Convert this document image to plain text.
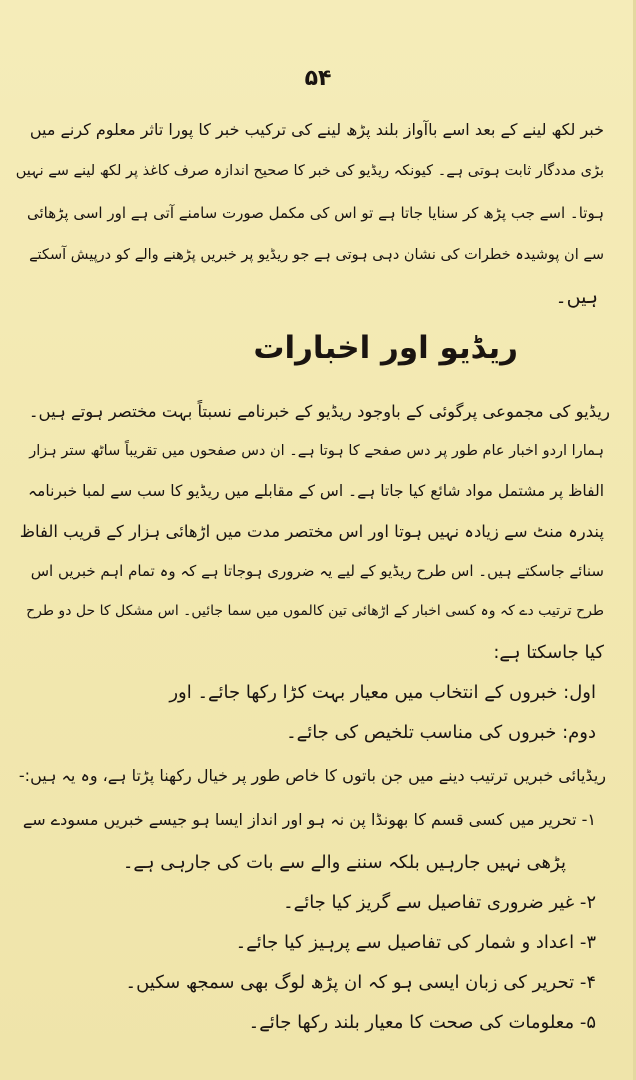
۵۴
خبر لکھ لینے کے بعد اسے باآواز بلند پڑھ لینے کی ترکیب خبر کا پورا تاثر معلوم کرنے میں
بڑی مددگار ثابت ہوتی ہے۔ کیونکہ ریڈیو کی خبر کا صحیح اندازہ صرف کاغذ پر لکھ لینے سے نہیں
ہوتا۔ اسے جب پڑھ کر سنایا جاتا ہے تو اس کی مکمل صورت سامنے آتی ہے اور اسی پڑھائی
سے ان پوشیدہ خطرات کی نشان دہی ہوتی ہے جو ریڈیو پر خبریں پڑھنے والے کو درپیش آسکتے
ہیں۔
ریڈیو اور اخبارات
ریڈیو کی مجموعی پرگوئی کے باوجود ریڈیو کے خبرنامے نسبتاً بہت مختصر ہوتے ہیں۔
ہمارا اردو اخبار عام طور پر دس صفحے کا ہوتا ہے۔ ان دس صفحوں میں تقریباً ساٹھ ستر ہزار
الفاظ پر مشتمل مواد شائع کیا جاتا ہے۔ اس کے مقابلے میں ریڈیو کا سب سے لمبا خبرنامہ
پندرہ منٹ سے زیادہ نہیں ہوتا اور اس مختصر مدت میں اڑھائی ہزار کے قریب الفاظ
سنائے جاسکتے ہیں۔ اس طرح ریڈیو کے لیے یہ ضروری ہوجاتا ہے کہ وہ تمام اہم خبریں اس
طرح ترتیب دے کہ وہ کسی اخبار کے اڑھائی تین کالموں میں سما جائیں۔ اس مشکل کا حل دو طرح
کیا جاسکتا ہے:
اول: خبروں کے انتخاب میں معیار بہت کڑا رکھا جائے۔ اور
دوم: خبروں کی مناسب تلخیص کی جائے۔
ریڈیائی خبریں ترتیب دینے میں جن باتوں کا خاص طور پر خیال رکھنا پڑتا ہے، وہ یہ ہیں:-
۱- تحریر میں کسی قسم کا بھونڈا پن نہ ہو اور انداز ایسا ہو جیسے خبریں مسودے سے
پڑھی نہیں جارہیں بلکہ سننے والے سے بات کی جارہی ہے۔
۲- غیر ضروری تفاصیل سے گریز کیا جائے۔
۳- اعداد و شمار کی تفاصیل سے پرہیز کیا جائے۔
۴- تحریر کی زبان ایسی ہو کہ ان پڑھ لوگ بھی سمجھ سکیں۔
۵- معلومات کی صحت کا معیار بلند رکھا جائے۔
